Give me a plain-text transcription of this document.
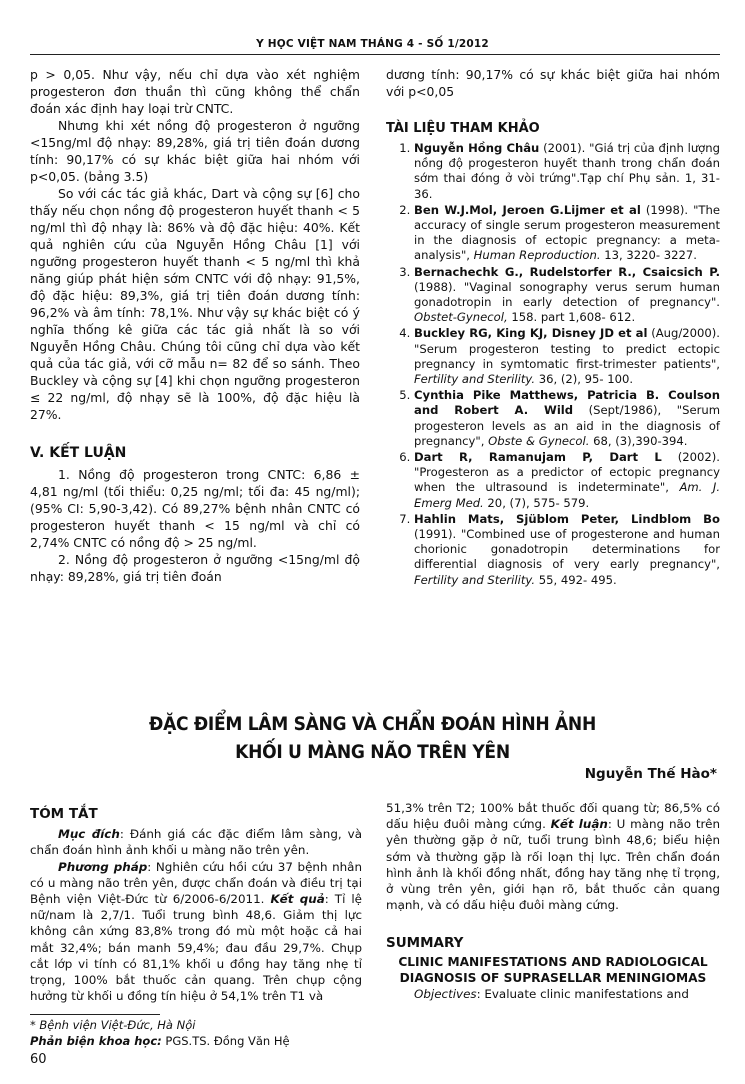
Y HỌC VIỆT NAM THÁNG 4 - SỐ 1/2012

p > 0,05. Như vậy, nếu chỉ dựa vào xét nghiệm progesteron đơn thuần thì cũng không thể chẩn đoán xác định hay loại trừ CNTC.

Nhưng khi xét nồng độ progesteron ở ngưỡng <15ng/ml độ nhạy: 89,28%, giá trị tiên đoán dương tính: 90,17% có sự khác biệt giữa hai nhóm với p<0,05. (bảng 3.5)

So với các tác giả khác, Dart và cộng sự [6] cho thấy nếu chọn nồng độ progesteron huyết thanh < 5 ng/ml thì độ nhạy là: 86% và độ đặc hiệu: 40%. Kết quả nghiên cứu của Nguyễn Hồng Châu [1] với ngưỡng progesteron huyết thanh < 5 ng/ml thì khả năng giúp phát hiện sớm CNTC với độ nhạy: 91,5%, độ đặc hiệu: 89,3%, giá trị tiên đoán dương tính: 96,2% và âm tính: 78,1%. Như vậy sự khác biệt có ý nghĩa thống kê giữa các tác giả nhất là so với Nguyễn Hồng Châu. Chúng tôi cũng chỉ dựa vào kết quả của tác giả, với cỡ mẫu n= 82 để so sánh. Theo Buckley và cộng sự [4] khi chọn ngưỡng progesteron ≤ 22 ng/ml, độ nhạy sẽ là 100%, độ đặc hiệu là 27%.

V. KẾT LUẬN

1. Nồng độ progesteron trong CNTC: 6,86 ± 4,81 ng/ml (tối thiểu: 0,25 ng/ml; tối đa: 45 ng/ml); (95% CI: 5,90-3,42). Có 89,27% bệnh nhân CNTC có progesteron huyết thanh < 15 ng/ml và chỉ có 2,74% CNTC có nồng độ > 25 ng/ml.

2. Nồng độ progesteron ở ngưỡng <15ng/ml độ nhạy: 89,28%, giá trị tiên đoán

dương tính: 90,17% có sự khác biệt giữa hai nhóm với p<0,05

TÀI LIỆU THAM KHẢO
1. Nguyễn Hồng Châu (2001). "Giá trị của định lượng nồng độ progesteron huyết thanh trong chẩn đoán sớm thai đóng ở vòi trứng".Tạp chí Phụ sản. 1, 31-36.
2. Ben W.J.Mol, Jeroen G.Lijmer et al (1998). "The accuracy of single serum progesteron measurement in the diagnosis of ectopic pregnancy: a meta-analysis", Human Reproduction. 13, 3220- 3227.
3. Bernachechk G., Rudelstorfer R., Csaicsich P. (1988). "Vaginal sonography verus serum human gonadotropin in early detection of pregnancy". Obstet-Gynecol, 158. part 1,608- 612.
4. Buckley RG, King KJ, Disney JD et al (Aug/2000). "Serum progesteron testing to predict ectopic pregnancy in symtomatic first-trimester patients", Fertility and Sterility. 36, (2), 95- 100.
5. Cynthia Pike Matthews, Patricia B. Coulson and Robert A. Wild (Sept/1986), "Serum progesteron levels as an aid in the diagnosis of pregnancy", Obste & Gynecol. 68, (3),390-394.
6. Dart R, Ramanujam P, Dart L (2002). "Progesteron as a predictor of ectopic pregnancy when the ultrasound is indeterminate", Am. J. Emerg Med. 20, (7), 575- 579.
7. Hahlin Mats, Sjüblom Peter, Lindblom Bo (1991). "Combined use of progesterone and human chorionic gonadotropin determinations for differential diagnosis of very early pregnancy", Fertility and Sterility. 55, 492- 495.
ĐẶC ĐIỂM LÂM SÀNG VÀ CHẨN ĐOÁN HÌNH ẢNH
KHỐI U MÀNG NÃO TRÊN YÊN
Nguyễn Thế Hào*
TÓM TẮT

Mục đích: Đánh giá các đặc điểm lâm sàng, và chẩn đoán hình ảnh khối u màng não trên yên.

Phương pháp: Nghiên cứu hồi cứu 37 bệnh nhân có u màng não trên yên, được chẩn đoán và điều trị tại Bệnh viện Việt-Đức từ 6/2006-6/2011. Kết quả: Tỉ lệ nữ/nam là 2,7/1. Tuổi trung bình 48,6. Giảm thị lực không cân xứng 83,8% trong đó mù một hoặc cả hai mắt 32,4%; bán manh 59,4%; đau đầu 29,7%. Chụp cắt lớp vi tính có 81,1% khối u đồng hay tăng nhẹ tỉ trọng, 100% bắt thuốc cản quang. Trên chụp cộng hưởng từ khối u đồng tín hiệu ở 54,1% trên T1 và

51,3% trên T2; 100% bắt thuốc đối quang từ; 86,5% có dấu hiệu đuôi màng cứng. Kết luận: U màng não trên yên thường gặp ở nữ, tuổi trung bình 48,6; biểu hiện sớm và thường gặp là rối loạn thị lực. Trên chẩn đoán hình ảnh là khối đồng nhất, đồng hay tăng nhẹ tỉ trọng, ở vùng trên yên, giới hạn rõ, bắt thuốc cản quang mạnh, và có dấu hiệu đuôi màng cứng.

SUMMARY
CLINIC MANIFESTATIONS AND RADIOLOGICAL DIAGNOSIS OF SUPRASELLAR MENINGIOMAS

Objectives: Evaluate clinic manifestations and

* Bệnh viện Việt-Đức, Hà Nội
Phản biện khoa học: PGS.TS. Đồng Văn Hệ
60
